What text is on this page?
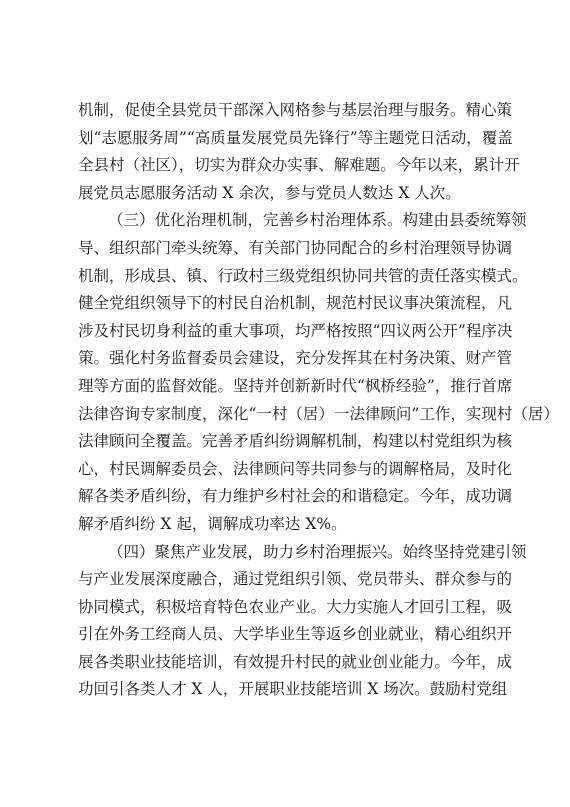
机制，促使全县党员干部深入网格参与基层治理与服务。精心策
划“志愿服务周”“高质量发展党员先锋行”等主题党日活动，覆盖
全县村（社区），切实为群众办实事、解难题。今年以来，累计开
展党员志愿服务活动 X 余次，参与党员人数达 X 人次。
（三）优化治理机制，完善乡村治理体系。构建由县委统筹领
导、组织部门牵头统筹、有关部门协同配合的乡村治理领导协调
机制，形成县、镇、行政村三级党组织协同共管的责任落实模式。
健全党组织领导下的村民自治机制，规范村民议事决策流程，凡
涉及村民切身利益的重大事项，均严格按照“四议两公开”程序决
策。强化村务监督委员会建设，充分发挥其在村务决策、财产管
理等方面的监督效能。坚持并创新新时代“枫桥经验”，推行首席
法律咨询专家制度，深化“一村（居）一法律顾问”工作，实现村（居）
法律顾问全覆盖。完善矛盾纠纷调解机制，构建以村党组织为核
心，村民调解委员会、法律顾问等共同参与的调解格局，及时化
解各类矛盾纠纷，有力维护乡村社会的和谐稳定。今年，成功调
解矛盾纠纷 X 起，调解成功率达 X%。
（四）聚焦产业发展，助力乡村治理振兴。始终坚持党建引领
与产业发展深度融合，通过党组织引领、党员带头、群众参与的
协同模式，积极培育特色农业产业。大力实施人才回引工程，吸
引在外务工经商人员、大学毕业生等返乡创业就业，精心组织开
展各类职业技能培训，有效提升村民的就业创业能力。今年，成
功回引各类人才 X 人，开展职业技能培训 X 场次。鼓励村党组
